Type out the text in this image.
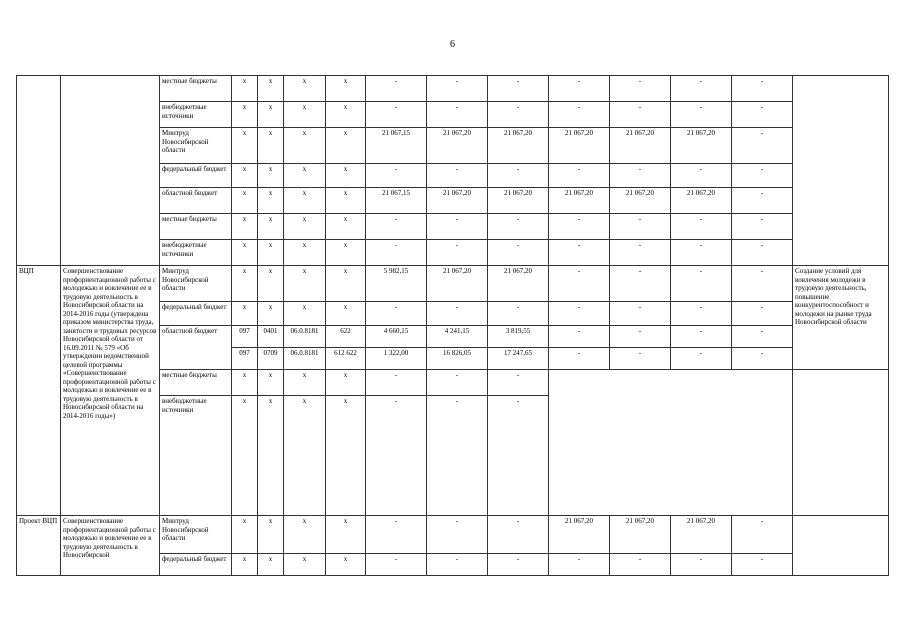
6
		местные бюджеты	x	x	x	x	-	-	-	-	-	-	-	
		внебюджетные источники	x	x	x	x	-	-	-	-	-	-	-	
		Минтруд Новосибирской области	x	x	x	x	21 067,15	21 067,20	21 067,20	21 067,20	21 067,20	21 067,20	-	
		федеральный бюджет	x	x	x	x	-	-	-	-	-	-	-	
		областной бюджет	x	x	x	x	21 067,15	21 067,20	21 067,20	21 067,20	21 067,20	21 067,20	-	
		местные бюджеты	x	x	x	x	-	-	-	-	-	-	-	
		внебюджетные источники	x	x	x	x	-	-	-	-	-	-	-	
ВЦП	Совершенствование профориентационной работы с молодежью и вовлечение ее в трудовую деятельность в Новосибирской области на 2014-2016 годы (утверждена приказом министерства труда, занятости и трудовых ресурсов Новосибирской области от 16.09.2011 № 579 «Об утверждении ведомственной целевой программы «Совершенствование профориентационной работы с молодежью и вовлечение ее в трудовую деятельность в Новосибирской области на 2014-2016 годы»)	Минтруд Новосибирской области	x	x	x	x	5 982,15	21 067,20	21 067,20	-	-	-	-	Создание условий для вовлечения молодежи в трудовую деятельность, повышение конкурентоспособност и молодежи на рынке труда Новосибирской области
		федеральный бюджет	x	x	x	x	-	-	-	-	-	-	-	
		областной бюджет	097	0401	06.0.8181	622	4 660,15	4 241,15	3 819,55	-	-	-	-	
			097	0709	06.0.8181	612 622	1 322,00	16 826,05	17 247,65	-	-	-	-	
		местные бюджеты	x	x	x	x	-	-	-					
		внебюджетные источники	x	x	x	x	-	-	-					
Проект ВЦП	Совершенствование профориентационной работы с молодежью и вовлечение ее в трудовую деятельность в Новосибирской	Минтруд Новосибирской области	x	x	x	x	-	-	-	21 067,20	21 067,20	21 067,20	-	
		федеральный бюджет	x	x	x	x	-	-	-	-	-	-	-	
